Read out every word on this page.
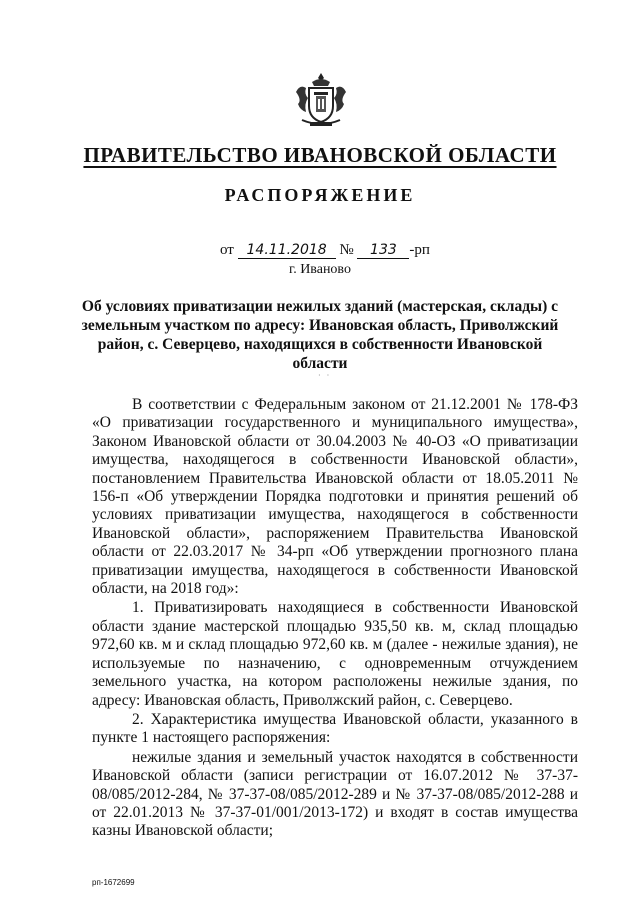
ПРАВИТЕЛЬСТВО ИВАНОВСКОЙ ОБЛАСТИ
РАСПОРЯЖЕНИЕ
от 14.11.2018 № 133 -рп
г. Иваново
Об условиях приватизации нежилых зданий (мастерская, склады) с земельным участком по адресу: Ивановская область, Приволжский район, с. Северцево, находящихся в собственности Ивановской области
·   ·

В соответствии с Федеральным законом от 21.12.2001 № 178-ФЗ «О приватизации государственного и муниципального имущества», Законом Ивановской области от 30.04.2003 № 40-ОЗ «О приватизации имущества, находящегося в собственности Ивановской области», постановлением Правительства Ивановской области от 18.05.2011 № 156-п «Об утверждении Порядка подготовки и принятия решений об условиях приватизации имущества, находящегося в собственности Ивановской области», распоряжением Правительства Ивановской области от 22.03.2017 № 34-рп «Об утверждении прогнозного плана приватизации имущества, находящегося в собственности Ивановской области, на 2018 год»:

1. Приватизировать находящиеся в собственности Ивановской области здание мастерской площадью 935,50 кв. м, склад площадью 972,60 кв. м и склад площадью 972,60 кв. м (далее - нежилые здания), не используемые по назначению, с одновременным отчуждением земельного участка, на котором расположены нежилые здания, по адресу: Ивановская область, Приволжский район, с. Северцево.

2. Характеристика имущества Ивановской области, указанного в пункте 1 настоящего распоряжения:

нежилые здания и земельный участок находятся в собственности Ивановской области (записи регистрации от 16.07.2012 № 37-37-08/085/2012-284, № 37-37-08/085/2012-289 и № 37-37-08/085/2012-288 и от 22.01.2013 № 37-37-01/001/2013-172) и входят в состав имущества казны Ивановской области;

рп-1672699
